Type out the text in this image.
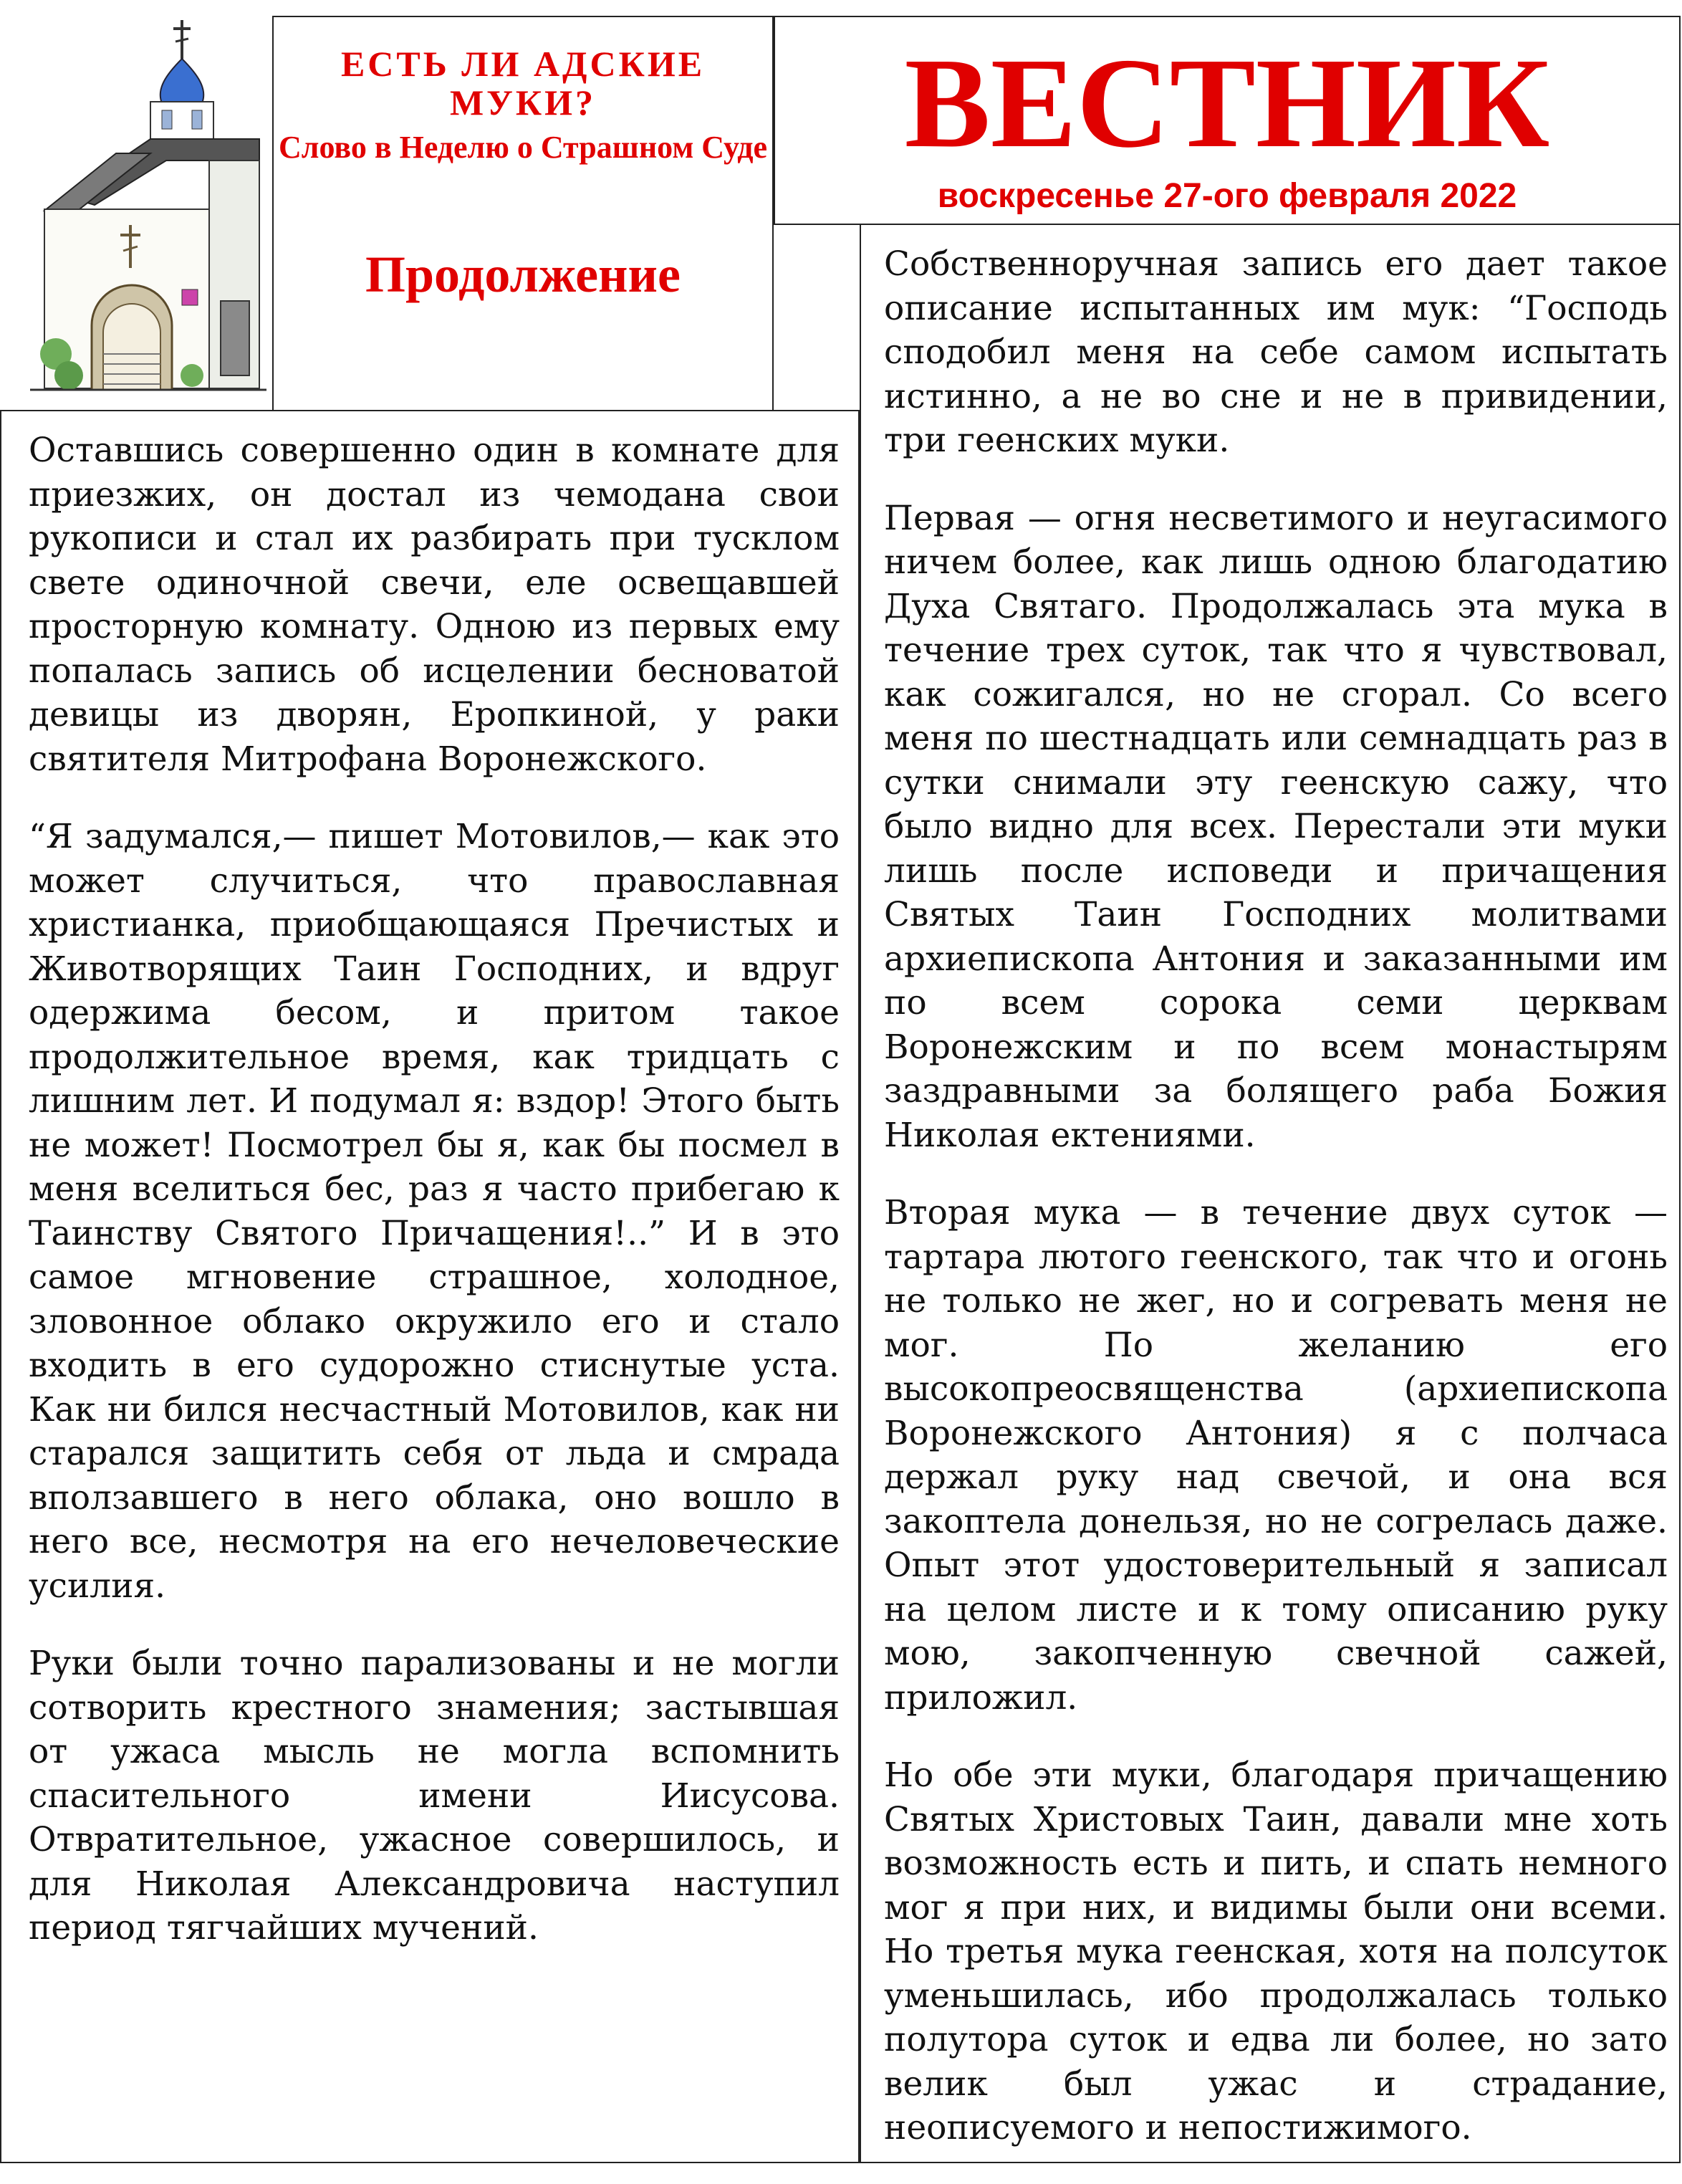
ЕСТЬ ЛИ АДСКИЕ МУКИ?
Слово в Неделю о Страшном Суде
Продолжение
ВЕСТНИК
воскресенье 27-ого февраля 2022

Оставшись совершенно один в комнате для приезжих, он достал из чемодана свои рукописи и стал их разбирать при тусклом свете одиночной свечи, еле освещавшей просторную комнату. Одною из первых ему попалась запись об исцелении бесноватой девицы из дворян, Еропкиной, у раки святителя Митрофана Воронежского.

“Я задумался,— пишет Мотовилов,— как это может случиться, что православная христианка, приобщающаяся Пречистых и Животворящих Таин Господних, и вдруг одержима бесом, и притом такое продолжительное время, как тридцать с лишним лет. И подумал я: вздор! Этого быть не может! Посмотрел бы я, как бы посмел в меня вселиться бес, раз я часто прибегаю к Таинству Святого Причащения!..” И в это самое мгновение страшное, холодное, зловонное облако окружило его и стало входить в его судорожно стиснутые уста. Как ни бился несчастный Мотовилов, как ни старался защитить себя от льда и смрада вползавшего в него облака, оно вошло в него все, несмотря на его нечеловеческие усилия.

Руки были точно парализованы и не могли сотворить крестного знамения; застывшая от ужаса мысль не могла вспомнить спасительного имени Иисусова. Отвратительное, ужасное совершилось, и для Николая Александровича наступил период тягчайших мучений.

Собственноручная запись его дает такое описание испытанных им мук: “Господь сподобил меня на себе самом испытать истинно, а не во сне и не в привидении, три геенских муки.

Первая — огня несветимого и неугасимого ничем более, как лишь одною благодатию Духа Святаго. Продолжалась эта мука в течение трех суток, так что я чувствовал, как сожигался, но не сгорал. Со всего меня по шестнадцать или семнадцать раз в сутки снимали эту геенскую сажу, что было видно для всех. Перестали эти муки лишь после исповеди и причащения Святых Таин Господних молитвами архиепископа Антония и заказанными им по всем сорока семи церквам Воронежским и по всем монастырям заздравными за болящего раба Божия Николая ектениями.

Вторая мука — в течение двух суток — тартара лютого геенского, так что и огонь не только не жег, но и согревать меня не мог. По желанию его высокопреосвященства (архиепископа Воронежского Антония) я с полчаса держал руку над свечой, и она вся закоптела донельзя, но не согрелась даже. Опыт этот удостоверительный я записал на целом листе и к тому описанию руку мою, закопченную свечной сажей, приложил.

Но обе эти муки, благодаря причащению Святых Христовых Таин, давали мне хоть возможность есть и пить, и спать немного мог я при них, и видимы были они всеми. Но третья мука геенская, хотя на полсуток уменьшилась, ибо продолжалась только полутора суток и едва ли более, но зато велик был ужас и страдание, неописуемого и непостижимого.
